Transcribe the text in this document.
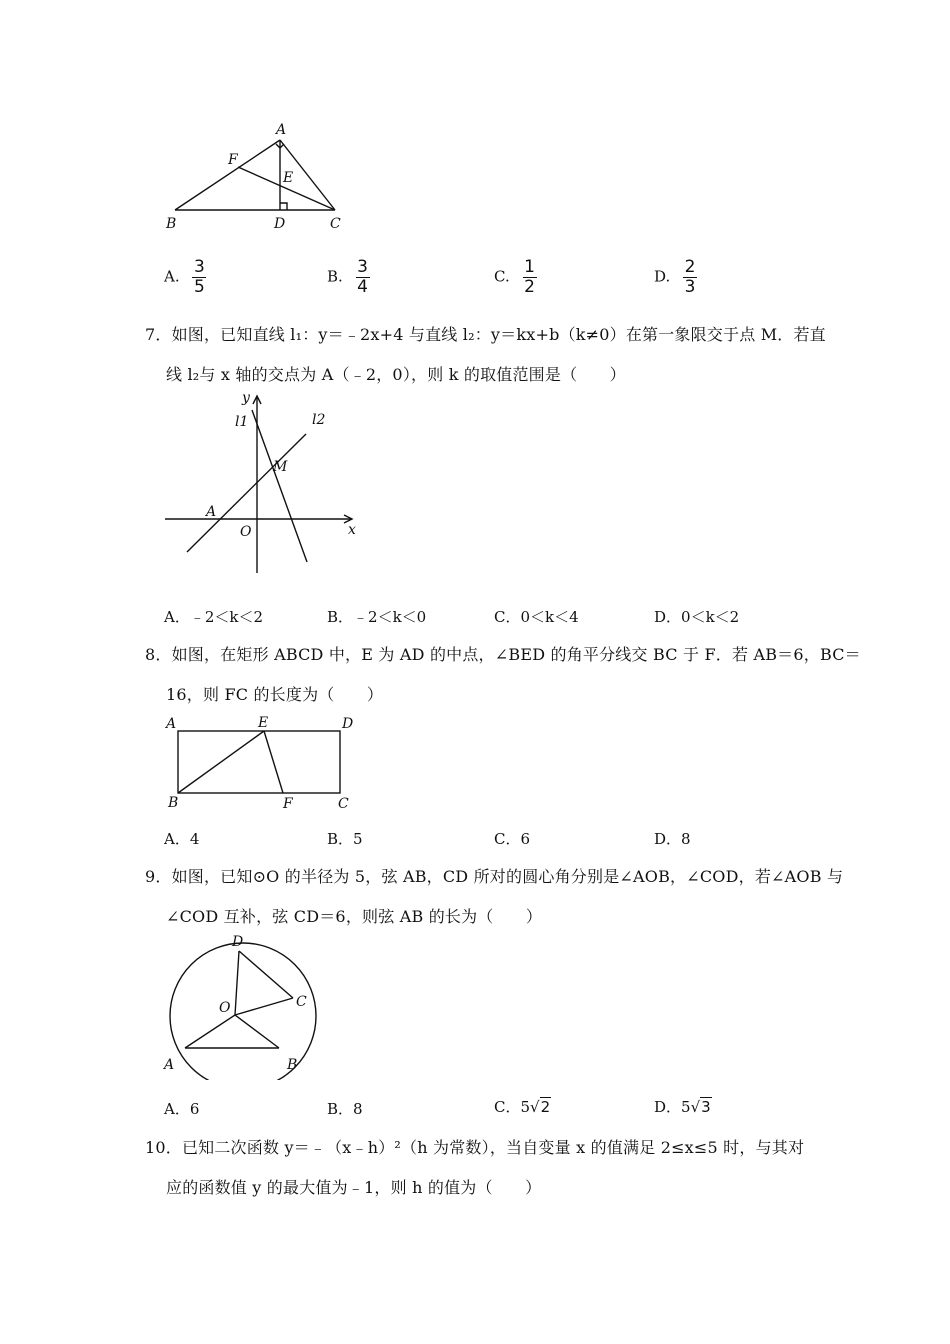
A
F
E
B	D	C
A. $\frac{3}{5}$	B. $\frac{3}{4}$	C. $\frac{1}{2}$	D. $\frac{2}{3}$
7．如图，已知直线 l₁：y＝﹣2x+4 与直线 l₂：y＝kx+b（k≠0）在第一象限交于点 M．若直
线 l₂与 x 轴的交点为 A（﹣2，0），则 k 的取值范围是（　　）
y
l1	l2
M
A
O	x
A．﹣2＜k＜2	B．﹣2＜k＜0	C．0＜k＜4	D．0＜k＜2
8．如图，在矩形 ABCD 中，E 为 AD 的中点，∠BED 的角平分线交 BC 于 F．若 AB＝6，BC＝
16，则 FC 的长度为（　　）
A	E	D
B	F	C
A．4	B．5	C．6	D．8
9．如图，已知⊙O 的半径为 5，弦 AB，CD 所对的圆心角分别是∠AOB，∠COD，若∠AOB 与
∠COD 互补，弦 CD＝6，则弦 AB 的长为（　　）
D
O	C
A	B
A．6	B．8	C．5√2	D．5√3
10．已知二次函数 y＝﹣（x﹣h）²（h 为常数），当自变量 x 的值满足 2≤x≤5 时，与其对
应的函数值 y 的最大值为﹣1，则 h 的值为（　　）
